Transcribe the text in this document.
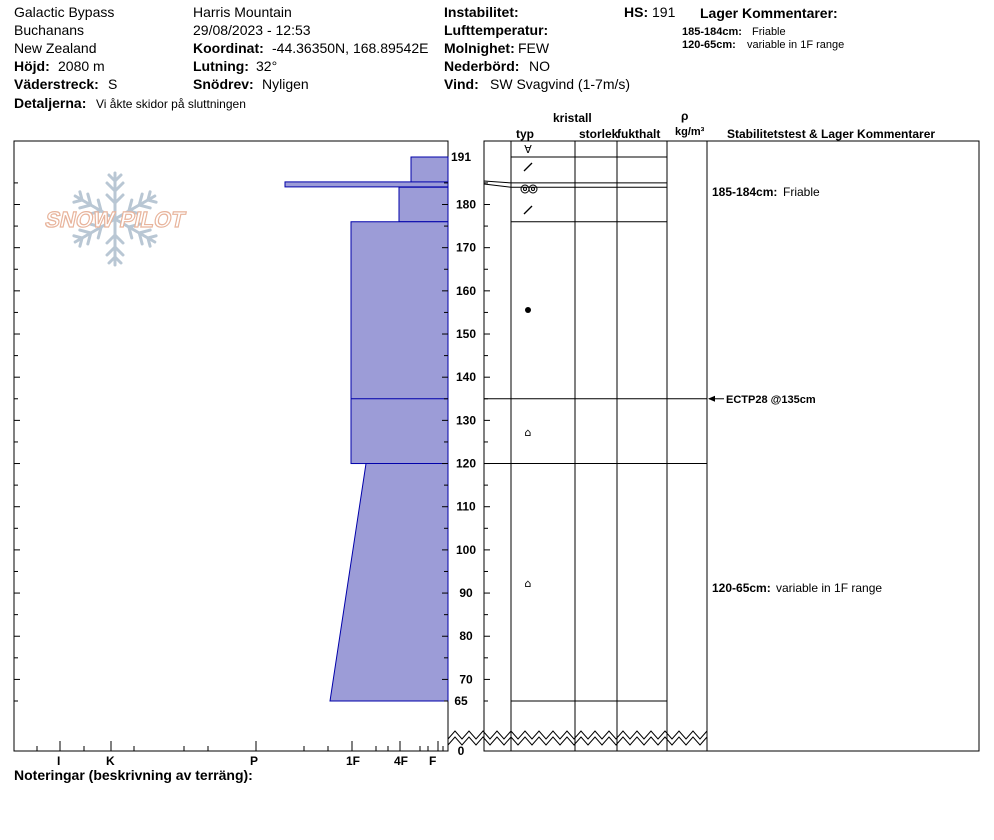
Galactic Bypass
Buchanans
New Zealand
Höjd: 2080 m
Väderstreck: S
Detaljerna: Vi åkte skidor på sluttningen
Harris Mountain
29/08/2023 - 12:53
Koordinat: -44.36350N, 168.89542E
Lutning: 32°
Snödrev: Nyligen
Instabilitet:
Lufttemperatur:
Molnighet: FEW
Nederbörd: NO
Vind: SW Svagvind (1-7m/s)
HS: 191 Lager Kommentarer:
185-184cm: Friable
120-65cm: variable in 1F range
kristall
typ	storlek
fukthalt
ρ
kg/m³ Stabilitetstest & Lager Kommentarer
SNOW PILOT
70
80
90
100
110
120
130
140
150
160
170
180
191
65
0
∀
⌂
⌂
185-184cm: Friable
120-65cm: variable in 1F range
ECTP28 @135cm
I	K	P	1F	4F F
Noteringar (beskrivning av terräng):
